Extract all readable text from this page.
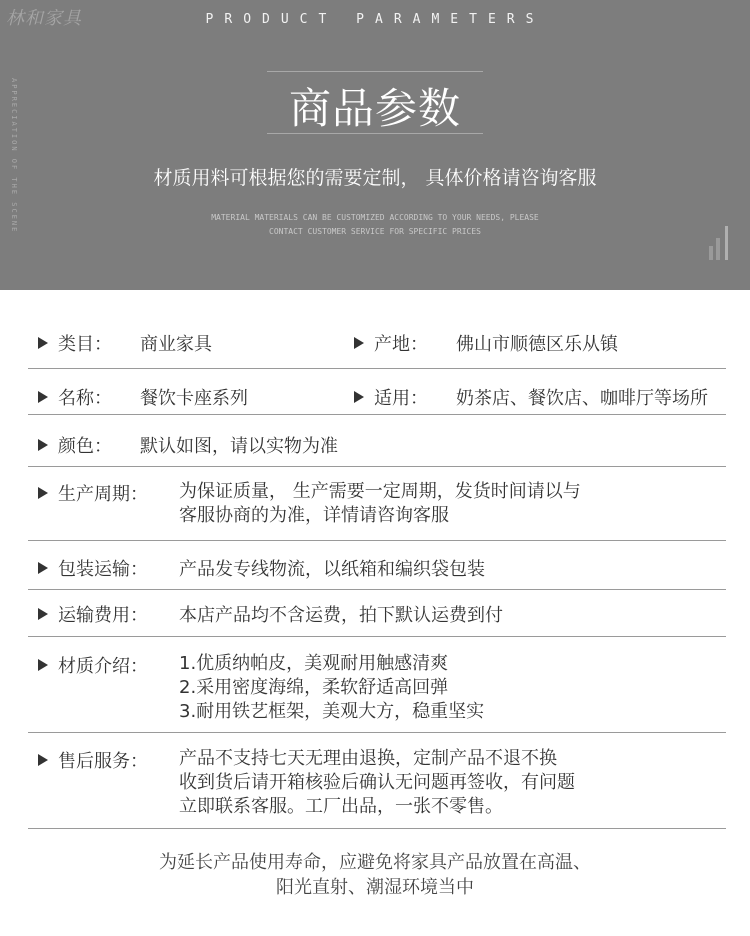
林和家具	PRODUCT PARAMETERS
APPRECIATION OF THE SCENE	商品参数
材质用料可根据您的需要定制， 具体价格请咨询客服
MATERIAL MATERIALS CAN BE CUSTOMIZED ACCORDING TO YOUR NEEDS, PLEASE
CONTACT CUSTOMER SERVICE FOR SPECIFIC PRICES
类目： 商业家具	产地： 佛山市顺德区乐从镇
名称： 餐饮卡座系列	适用： 奶茶店、餐饮店、咖啡厅等场所
颜色： 默认如图，请以实物为准
生产周期： 为保证质量， 生产需要一定周期，发货时间请以与
客服协商的为准，详情请咨询客服
包装运输： 产品发专线物流，以纸箱和编织袋包装
运输费用： 本店产品均不含运费，拍下默认运费到付
材质介绍： 1.优质纳帕皮，美观耐用触感清爽
2.采用密度海绵，柔软舒适高回弹
3.耐用铁艺框架，美观大方，稳重坚实
售后服务： 产品不支持七天无理由退换，定制产品不退不换
收到货后请开箱核验后确认无问题再签收，有问题
立即联系客服。工厂出品，一张不零售。
为延长产品使用寿命，应避免将家具产品放置在高温、
阳光直射、潮湿环境当中
